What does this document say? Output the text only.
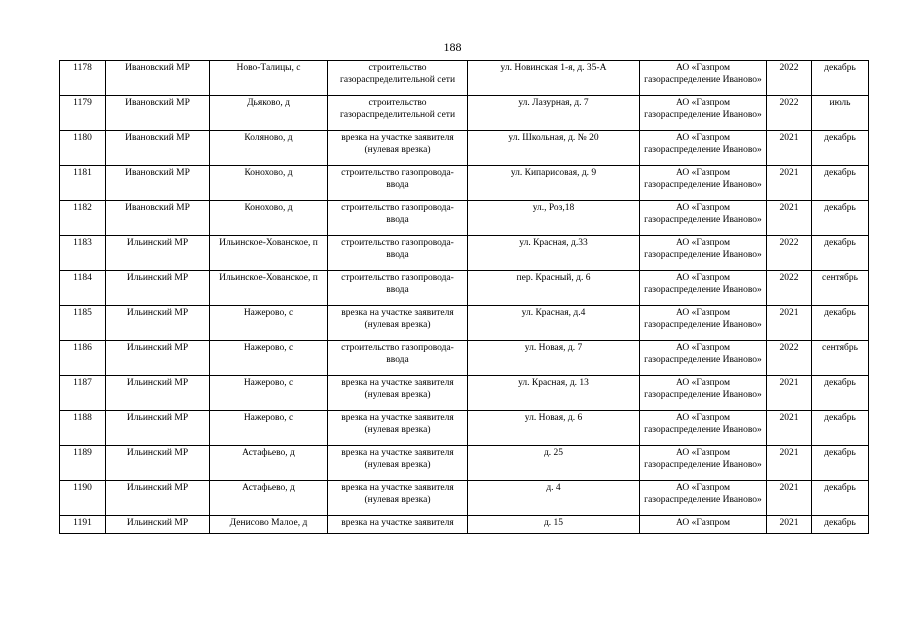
188
1178	Ивановский МР	Ново-Талицы, с	строительство газораспределительной сети	ул. Новинская 1-я, д. 35-А	АО «Газпром газораспределение Иваново»	2022	декабрь
1179	Ивановский МР	Дьяково, д	строительство газораспределительной сети	ул. Лазурная, д. 7	АО «Газпром газораспределение Иваново»	2022	июль
1180	Ивановский МР	Коляново, д	врезка на участке заявителя (нулевая врезка)	ул. Школьная, д. № 20	АО «Газпром газораспределение Иваново»	2021	декабрь
1181	Ивановский МР	Конохово, д	строительство газопровода-ввода	ул. Кипарисовая, д. 9	АО «Газпром газораспределение Иваново»	2021	декабрь
1182	Ивановский МР	Конохово, д	строительство газопровода-ввода	ул., Роз,18	АО «Газпром газораспределение Иваново»	2021	декабрь
1183	Ильинский МР	Ильинское-Хованское, п	строительство газопровода-ввода	ул. Красная, д.33	АО «Газпром газораспределение Иваново»	2022	декабрь
1184	Ильинский МР	Ильинское-Хованское, п	строительство газопровода-ввода	пер. Красный, д. 6	АО «Газпром газораспределение Иваново»	2022	сентябрь
1185	Ильинский МР	Нажерово, с	врезка на участке заявителя (нулевая врезка)	ул. Красная, д.4	АО «Газпром газораспределение Иваново»	2021	декабрь
1186	Ильинский МР	Нажерово, с	строительство газопровода-ввода	ул. Новая, д. 7	АО «Газпром газораспределение Иваново»	2022	сентябрь
1187	Ильинский МР	Нажерово, с	врезка на участке заявителя (нулевая врезка)	ул. Красная, д. 13	АО «Газпром газораспределение Иваново»	2021	декабрь
1188	Ильинский МР	Нажерово, с	врезка на участке заявителя (нулевая врезка)	ул. Новая, д. 6	АО «Газпром газораспределение Иваново»	2021	декабрь
1189	Ильинский МР	Астафьево, д	врезка на участке заявителя (нулевая врезка)	д. 25	АО «Газпром газораспределение Иваново»	2021	декабрь
1190	Ильинский МР	Астафьево, д	врезка на участке заявителя (нулевая врезка)	д. 4	АО «Газпром газораспределение Иваново»	2021	декабрь
1191	Ильинский МР	Денисово Малое, д	врезка на участке заявителя	д. 15	АО «Газпром	2021	декабрь
